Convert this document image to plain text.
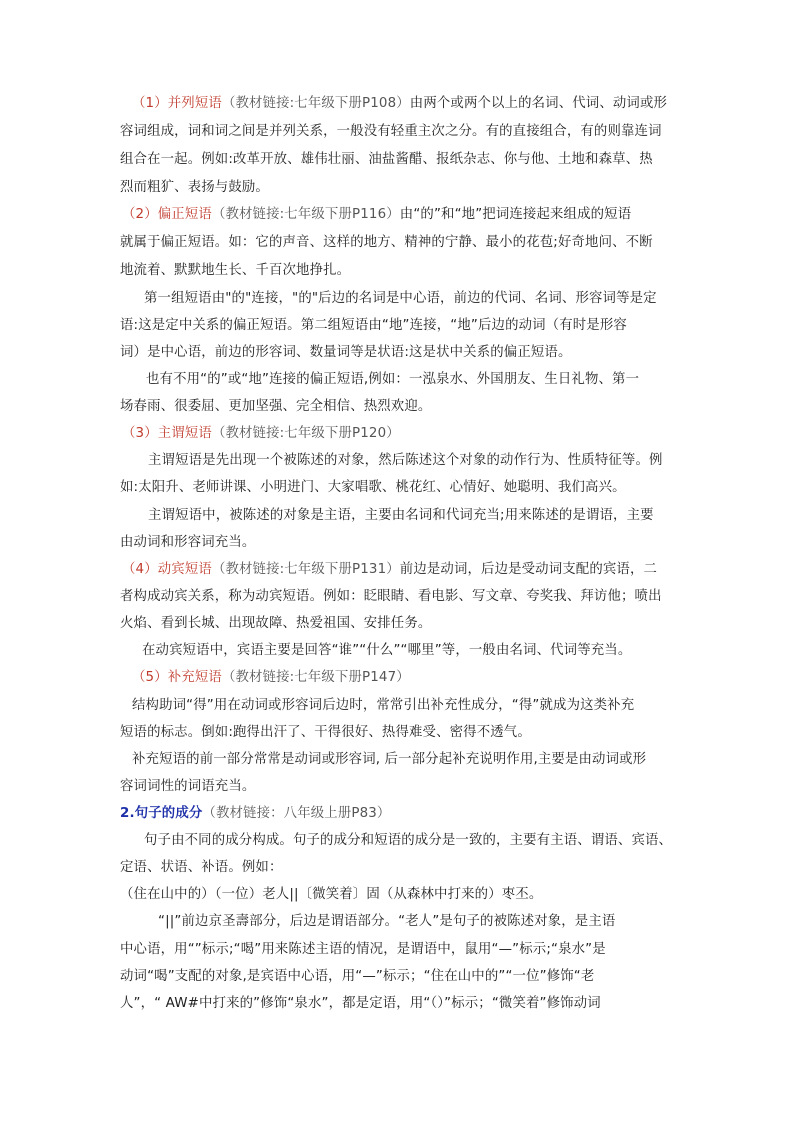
（1）并列短语（教材链接:七年级下册P108）由两个或两个以上的名词、代词、动词或形
容词组成，词和词之间是并列关系，一般没有轻重主次之分。有的直接组合，有的则靠连词
组合在一起。例如:改革开放、雄伟壮丽、油盐酱醋、报纸杂志、你与他、土地和森草、热
烈而粗犷、表扬与鼓励。
（2）偏正短语（教材链接:七年级下册P116）由“的”和“地”把词连接起来组成的短语
就属于偏正短语。如：它的声音、这样的地方、精神的宁静、最小的花苞;好奇地问、不断
地流着、默默地生长、千百次地挣扎。
第一组短语由"的"连接，"的"后边的名词是中心语，前边的代词、名词、形容词等是定
语:这是定中关系的偏正短语。第二组短语由“地”连接，“地”后边的动词（有时是形容
词）是中心语，前边的形容词、数量词等是状语:这是状中关系的偏正短语。
也有不用“的”或“地”连接的偏正短语,例如：一泓泉水、外国朋友、生日礼物、第一
场春雨、很委屈、更加坚强、完全相信、热烈欢迎。
（3）主谓短语（教材链接:七年级下册P120）
主谓短语是先出现一个被陈述的对象，然后陈述这个对象的动作行为、性质特征等。例
如:太阳升、老师讲课、小明进门、大家唱歌、桃花红、心情好、她聪明、我们高兴。
主谓短语中，被陈述的对象是主语，主要由名词和代词充当;用来陈述的是谓语，主要
由动词和形容词充当。
（4）动宾短语（教材链接:七年级下册P131）前边是动词，后边是受动词支配的宾语，二
者构成动宾关系，称为动宾短语。例如：眨眼睛、看电影、写文章、夸奖我、拜访他；喷出
火焰、看到长城、出现故障、热爱祖国、安排任务。
在动宾短语中，宾语主要是回答“谁”“什么”“哪里”等，一般由名词、代词等充当。
（5）补充短语（教材链接:七年级下册P147）
结构助词“得”用在动词或形容词后边时，常常引出补充性成分，“得”就成为这类补充
短语的标志。倒如:跑得出汗了、干得很好、热得难受、密得不透气。
补充短语的前一部分常常是动词或形容词, 后一部分起补充说明作用,主要是由动词或形
容词词性的词语充当。
2.句子的成分（教材链接：八年级上册P83）
句子由不同的成分构成。句子的成分和短语的成分是一致的，主要有主语、谓语、宾语、
定语、状语、补语。例如：
（住在山中的）（一位）老人||〔微笑着〕固（从森林中打来的）枣丕。
“||”前边京圣壽部分，后边是谓语部分。“老人”是句子的被陈述对象，是主语
中心语，用“”标示;“喝”用来陈述主语的情况，是谓语中，鼠用“—”标示;“泉水”是
动词“喝”支配的对象,是宾语中心语，用“—”标示；“住在山中的”“一位”修饰“老
人”，“ AW#中打来的”修饰“泉水”，都是定语，用“（）”标示；“微笑着”修饰动词
